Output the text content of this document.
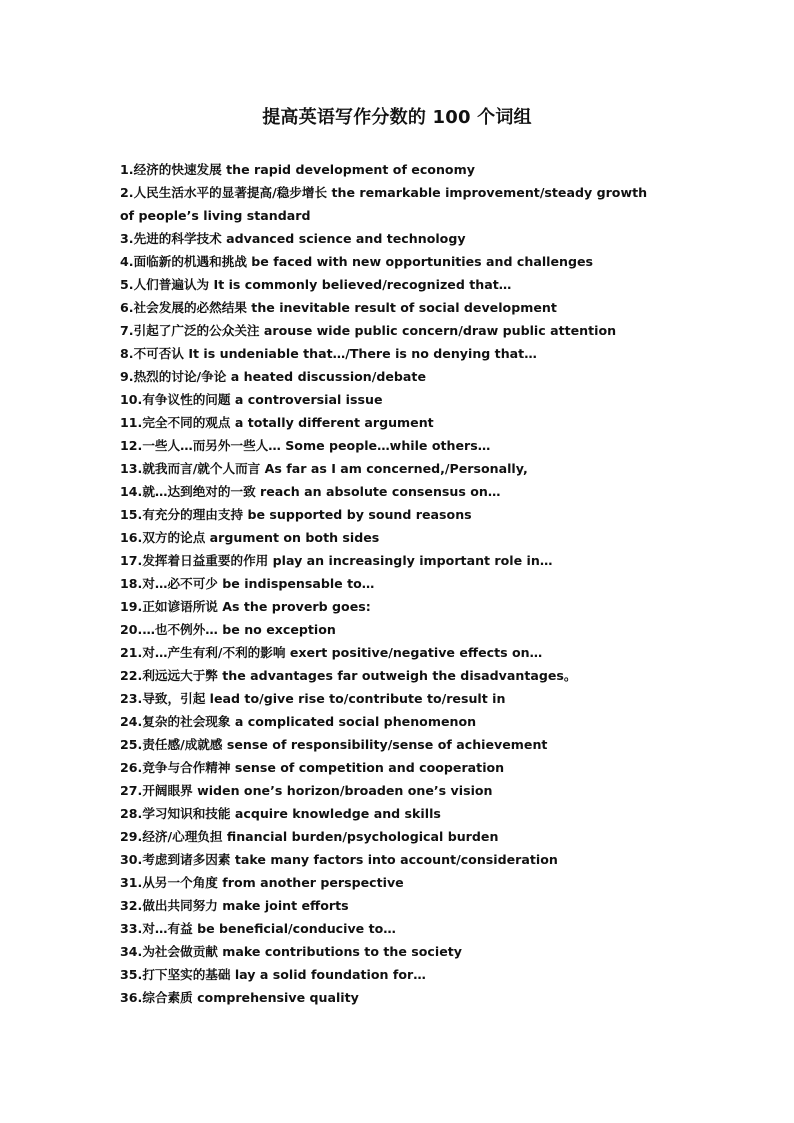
提高英语写作分数的 100 个词组

1.经济的快速发展 the rapid development of economy

2.人民生活水平的显著提高/稳步增长 the remarkable improvement/steady growth of people’s living standard

3.先进的科学技术 advanced science and technology

4.面临新的机遇和挑战 be faced with new opportunities and challenges

5.人们普遍认为 It is commonly believed/recognized that…

6.社会发展的必然结果 the inevitable result of social development

7.引起了广泛的公众关注 arouse wide public concern/draw public attention

8.不可否认 It is undeniable that…/There is no denying that…

9.热烈的讨论/争论 a heated discussion/debate

10.有争议性的问题 a controversial issue

11.完全不同的观点 a totally different argument

12.一些人…而另外一些人… Some people…while others…

13.就我而言/就个人而言 As far as I am concerned,/Personally,

14.就…达到绝对的一致 reach an absolute consensus on…

15.有充分的理由支持 be supported by sound reasons

16.双方的论点 argument on both sides

17.发挥着日益重要的作用 play an increasingly important role in…

18.对…必不可少 be indispensable to…

19.正如谚语所说 As the proverb goes:

20.…也不例外… be no exception

21.对…产生有利/不利的影响 exert positive/negative effects on…

22.利远远大于弊 the advantages far outweigh the disadvantages。

23.导致，引起 lead to/give rise to/contribute to/result in

24.复杂的社会现象 a complicated social phenomenon

25.责任感/成就感 sense of responsibility/sense of achievement

26.竞争与合作精神 sense of competition and cooperation

27.开阔眼界 widen one’s horizon/broaden one’s vision

28.学习知识和技能 acquire knowledge and skills

29.经济/心理负担 financial burden/psychological burden

30.考虑到诸多因素 take many factors into account/consideration

31.从另一个角度 from another perspective

32.做出共同努力 make joint efforts

33.对…有益 be beneficial/conducive to…

34.为社会做贡献 make contributions to the society

35.打下坚实的基础 lay a solid foundation for…

36.综合素质 comprehensive quality
